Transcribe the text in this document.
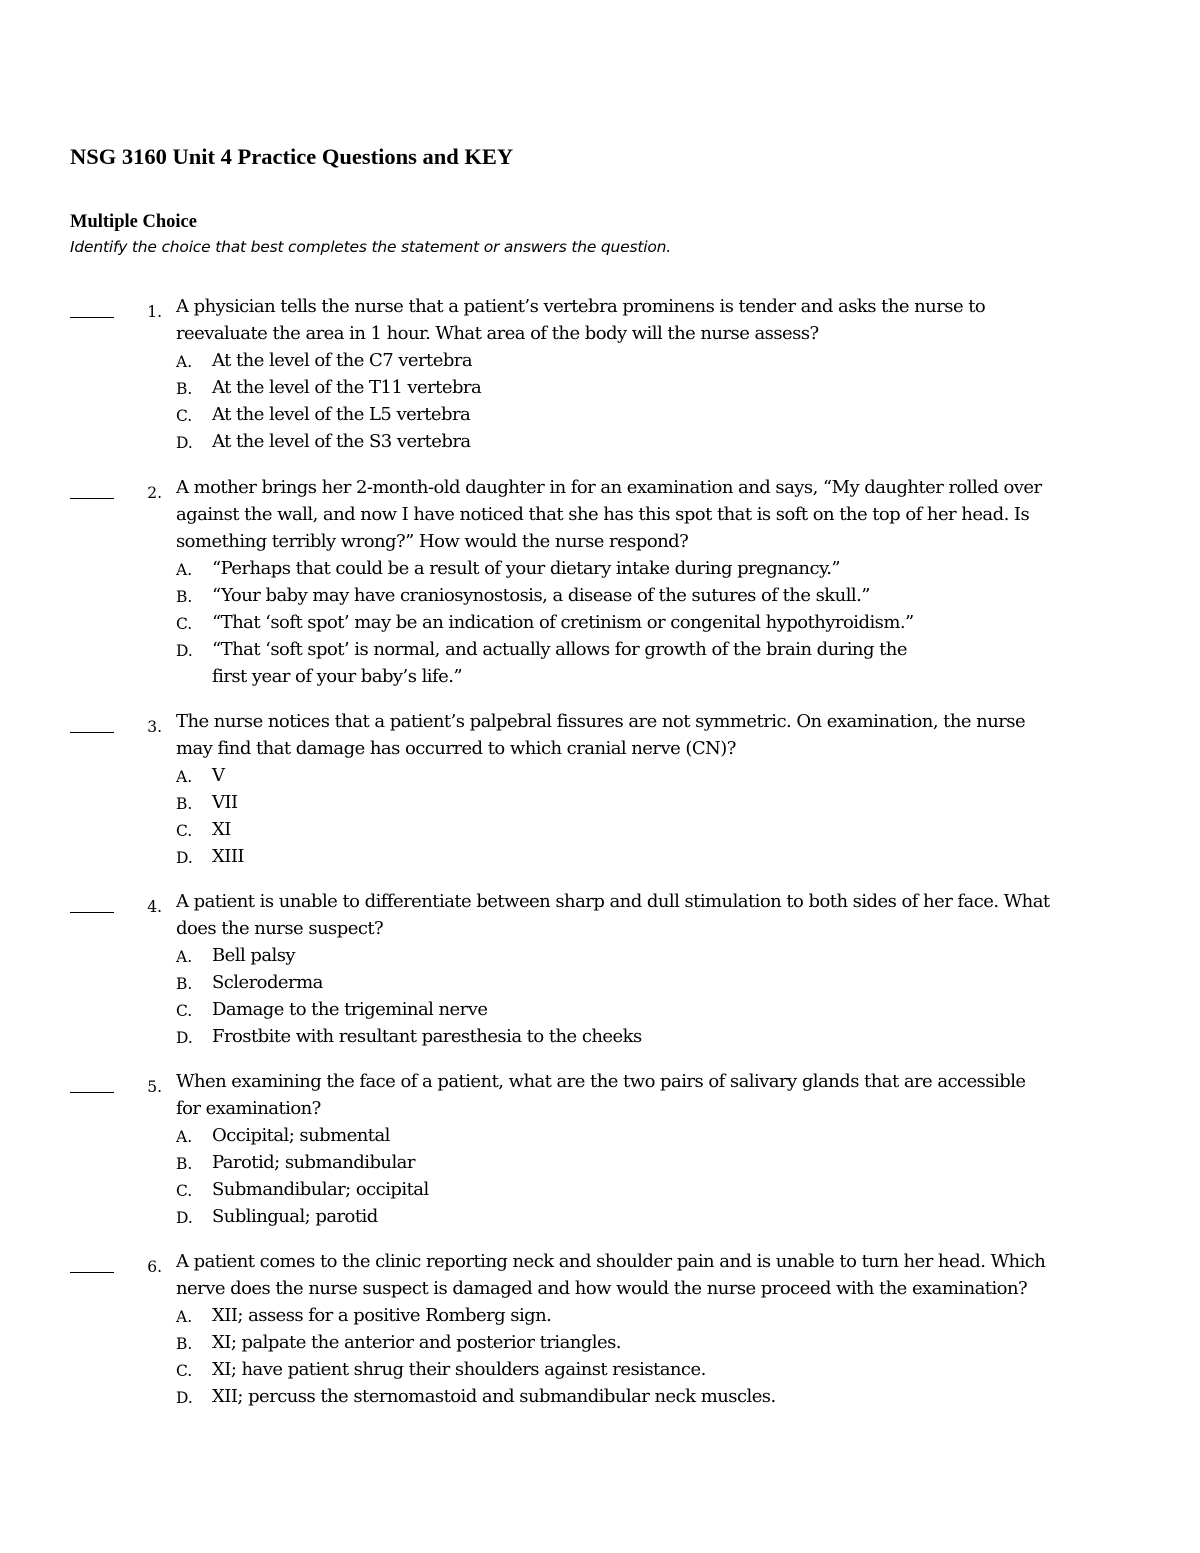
NSG 3160 Unit 4 Practice Questions and KEY
Multiple Choice
Identify the choice that best completes the statement or answers the question.
1. A physician tells the nurse that a patient’s vertebra prominens is tender and asks the nurse to
reevaluate the area in 1 hour. What area of the body will the nurse assess?
A. At the level of the C7 vertebra
B. At the level of the T11 vertebra
C. At the level of the L5 vertebra
D. At the level of the S3 vertebra
2. A mother brings her 2-month-old daughter in for an examination and says, “My daughter rolled over
against the wall, and now I have noticed that she has this spot that is soft on the top of her head. Is
something terribly wrong?” How would the nurse respond?
A. “Perhaps that could be a result of your dietary intake during pregnancy.”
B. “Your baby may have craniosynostosis, a disease of the sutures of the skull.”
C. “That ‘soft spot’ may be an indication of cretinism or congenital hypothyroidism.”
D. “That ‘soft spot’ is normal, and actually allows for growth of the brain during the
first year of your baby’s life.”
3. The nurse notices that a patient’s palpebral fissures are not symmetric. On examination, the nurse
may find that damage has occurred to which cranial nerve (CN)?
A. V
B. VII
C. XI
D. XIII
4. A patient is unable to differentiate between sharp and dull stimulation to both sides of her face. What
does the nurse suspect?
A. Bell palsy
B. Scleroderma
C. Damage to the trigeminal nerve
D. Frostbite with resultant paresthesia to the cheeks
5. When examining the face of a patient, what are the two pairs of salivary glands that are accessible
for examination?
A. Occipital; submental
B. Parotid; submandibular
C. Submandibular; occipital
D. Sublingual; parotid
6. A patient comes to the clinic reporting neck and shoulder pain and is unable to turn her head. Which
nerve does the nurse suspect is damaged and how would the nurse proceed with the examination?
A. XII; assess for a positive Romberg sign.
B. XI; palpate the anterior and posterior triangles.
C. XI; have patient shrug their shoulders against resistance.
D. XII; percuss the sternomastoid and submandibular neck muscles.
